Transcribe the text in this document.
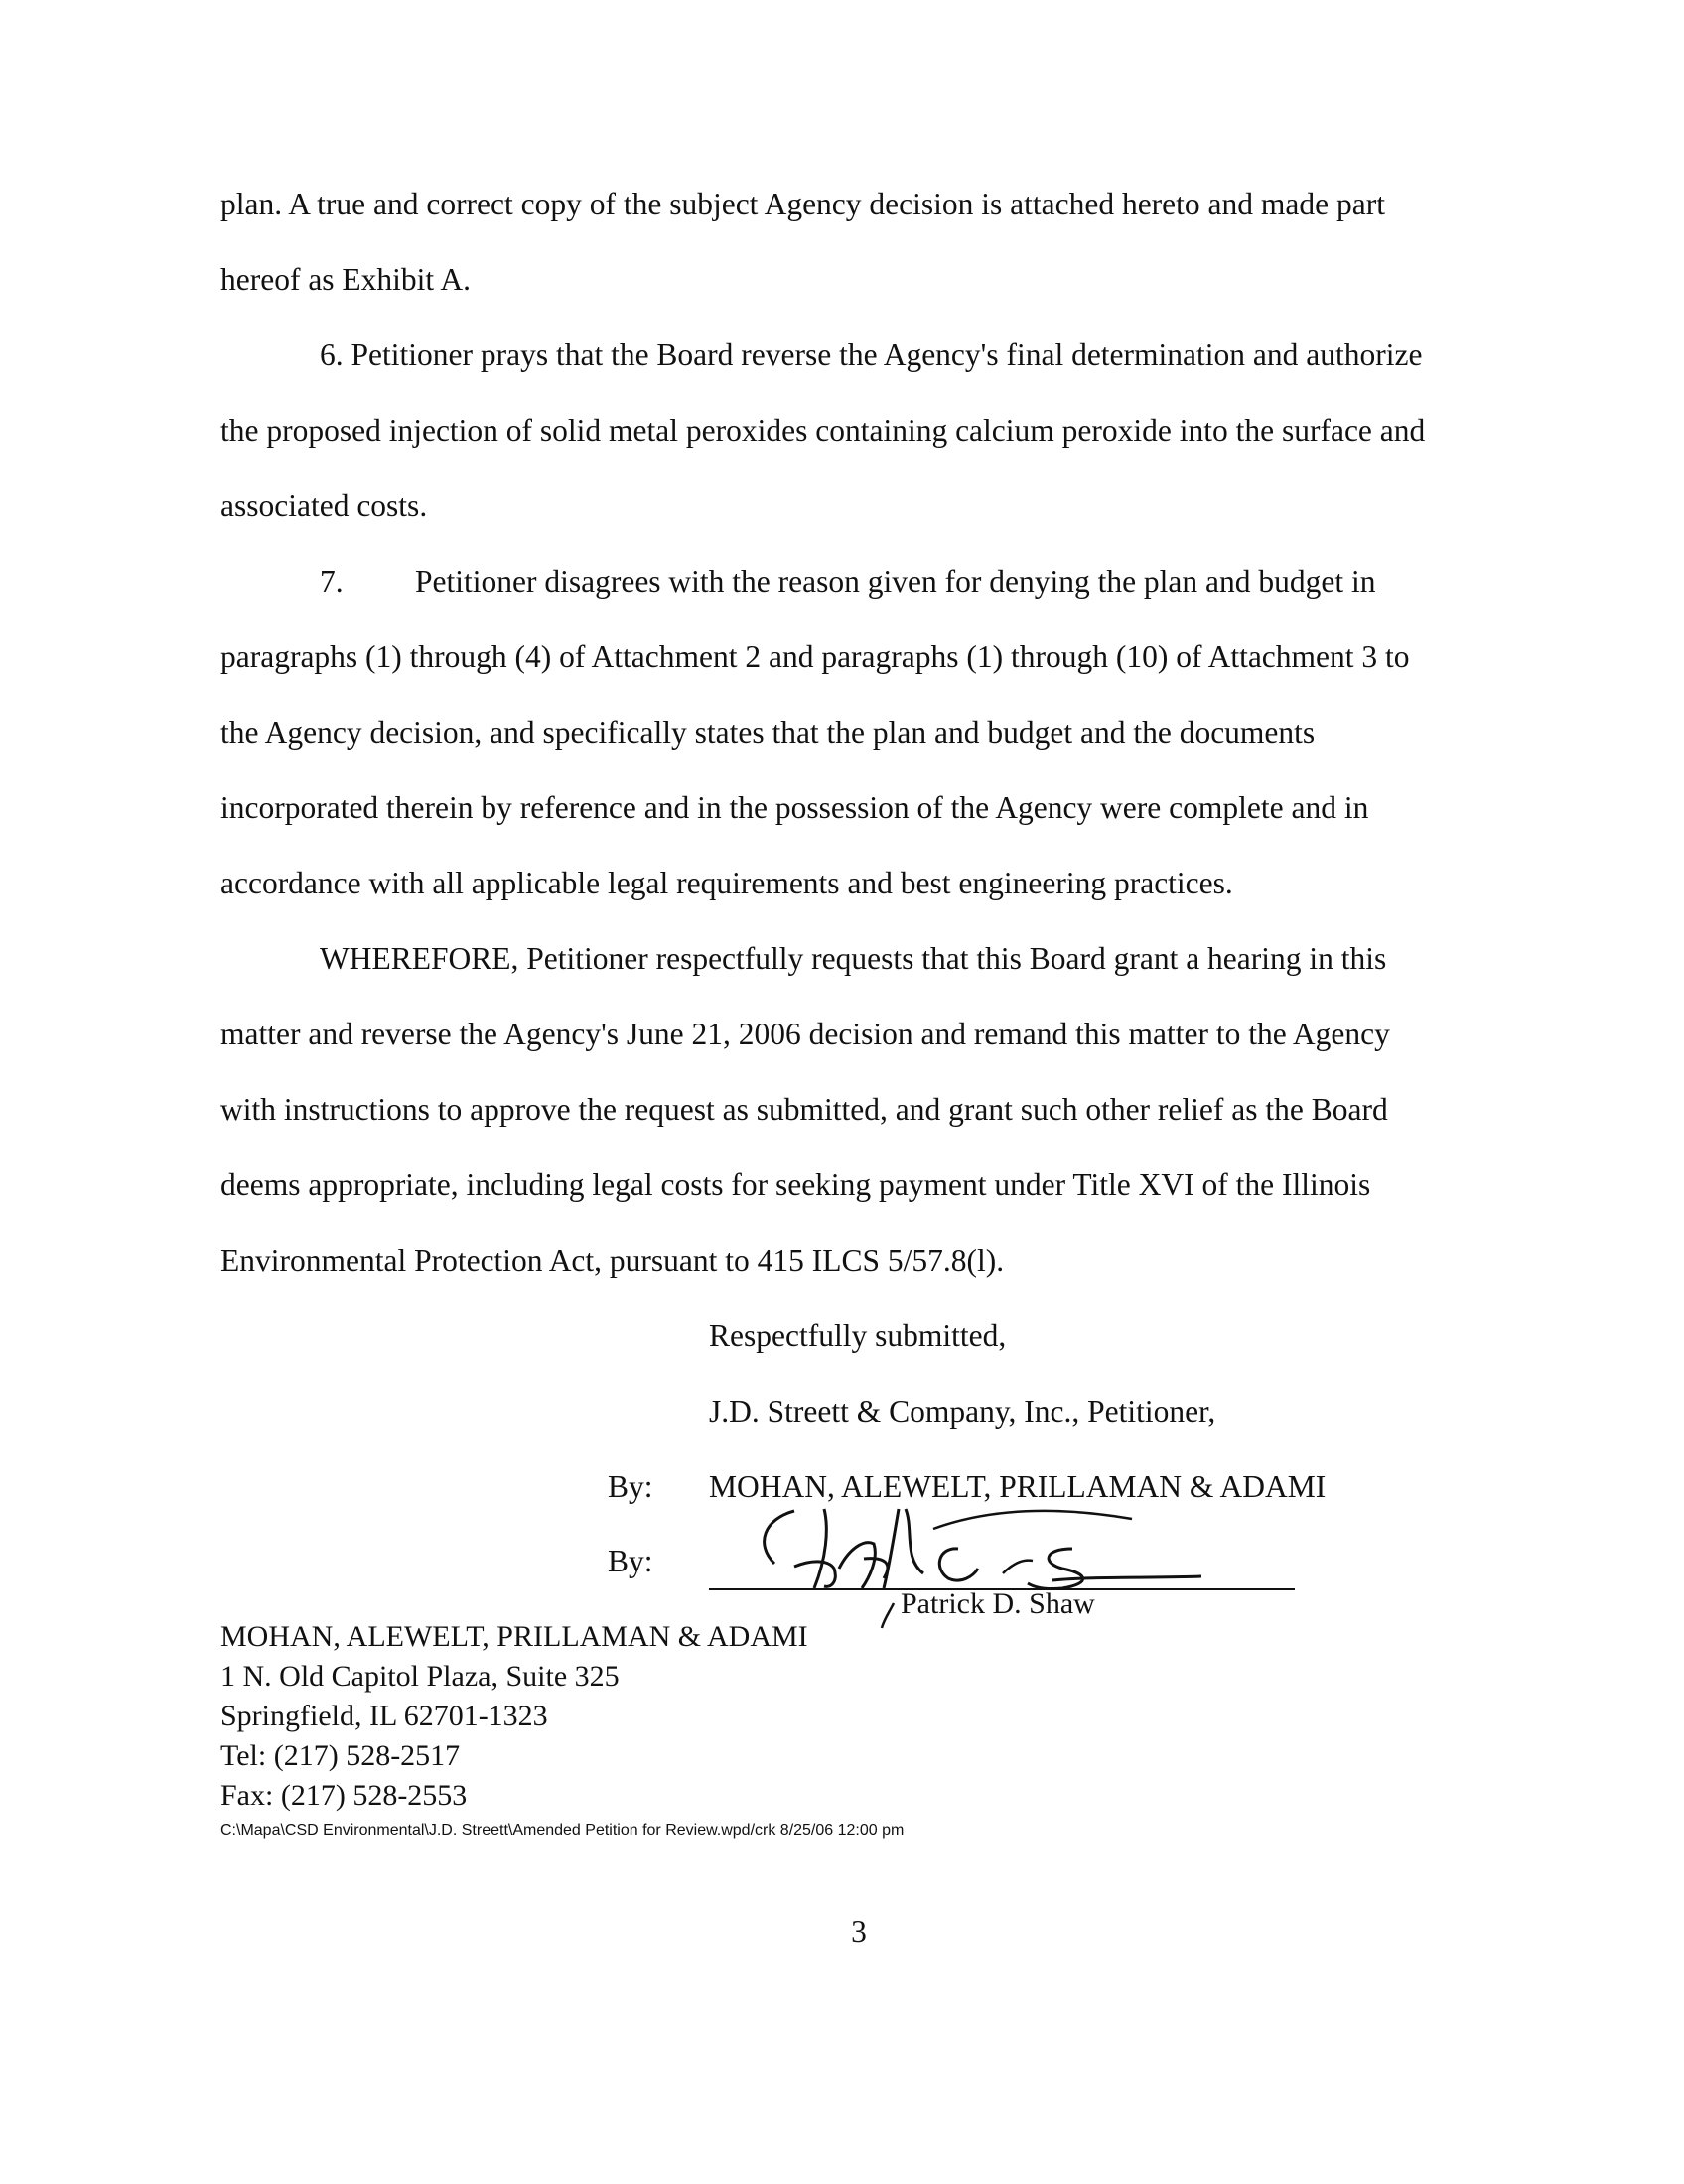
plan. A true and correct copy of the subject Agency decision is attached hereto and made part
hereof as Exhibit A.
6. Petitioner prays that the Board reverse the Agency's final determination and authorize
the proposed injection of solid metal peroxides containing calcium peroxide into the surface and
associated costs.
7. Petitioner disagrees with the reason given for denying the plan and budget in
paragraphs (1) through (4) of Attachment 2 and paragraphs (1) through (10) of Attachment 3 to
the Agency decision, and specifically states that the plan and budget and the documents
incorporated therein by reference and in the possession of the Agency were complete and in
accordance with all applicable legal requirements and best engineering practices.
WHEREFORE, Petitioner respectfully requests that this Board grant a hearing in this
matter and reverse the Agency's June 21, 2006 decision and remand this matter to the Agency
with instructions to approve the request as submitted, and grant such other relief as the Board
deems appropriate, including legal costs for seeking payment under Title XVI of the Illinois
Environmental Protection Act, pursuant to 415 ILCS 5/57.8(l).
Respectfully submitted,
J.D. Streett & Company, Inc., Petitioner,
By: MOHAN, ALEWELT, PRILLAMAN & ADAMI
By:
Patrick D. Shaw
MOHAN, ALEWELT, PRILLAMAN & ADAMI
1 N. Old Capitol Plaza, Suite 325
Springfield, IL 62701-1323
Tel: (217) 528-2517
Fax: (217) 528-2553
C:\Mapa\CSD Environmental\J.D. Streett\Amended Petition for Review.wpd/crk 8/25/06 12:00 pm
3
